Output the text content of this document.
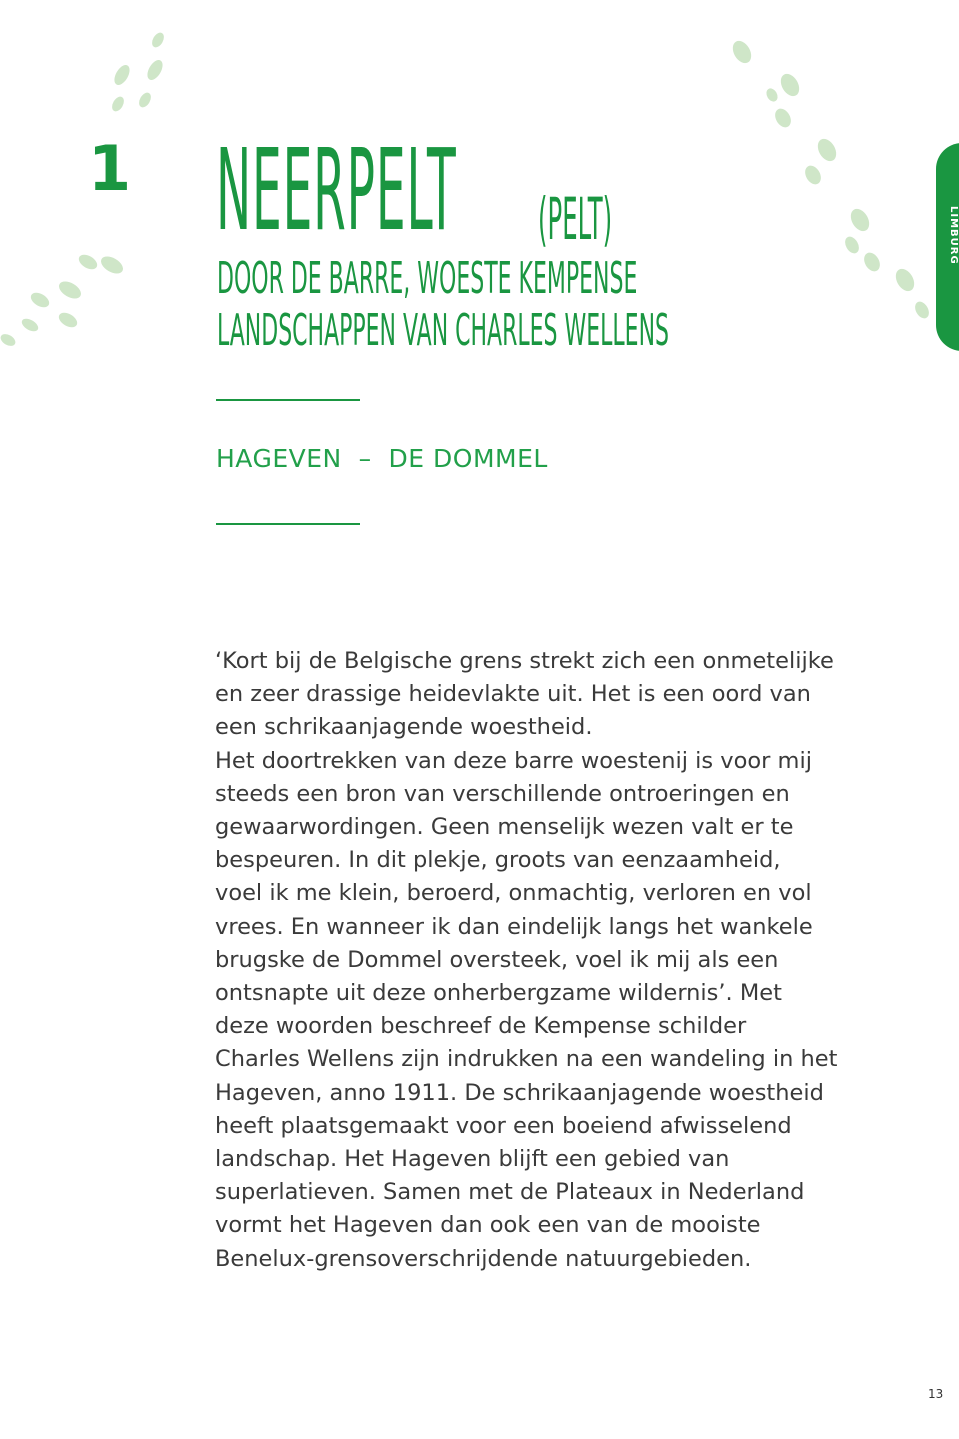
1 NEERPELT (PELT)
DOOR DE BARRE, WOESTE KEMPENSE
LANDSCHAPPEN VAN CHARLES WELLENS
HAGEVEN  –  DE DOMMEL
‘Kort bij de Belgische grens strekt zich een onmetelijke
en zeer drassige heidevlakte uit. Het is een oord van
een schrikaanjagende woestheid.
Het doortrekken van deze barre woestenij is voor mij
steeds een bron van verschillende ontroeringen en
gewaarwordingen. Geen menselijk wezen valt er te
bespeuren. In dit plekje, groots van eenzaamheid,
voel ik me klein, beroerd, onmachtig, verloren en vol
vrees. En wanneer ik dan eindelijk langs het wankele
brugske de Dommel oversteek, voel ik mij als een
ontsnapte uit deze onherbergzame wildernis’. Met
deze woorden beschreef de Kempense schilder
Charles Wellens zijn indrukken na een wandeling in het
Hageven, anno 1911. De schrikaanjagende woestheid
heeft plaatsgemaakt voor een boeiend afwisselend
landschap. Het Hageven blijft een gebied van
superlatieven. Samen met de Plateaux in Nederland
vormt het Hageven dan ook een van de mooiste
Benelux-grensoverschrijdende natuurgebieden.
LIMBURG
13
